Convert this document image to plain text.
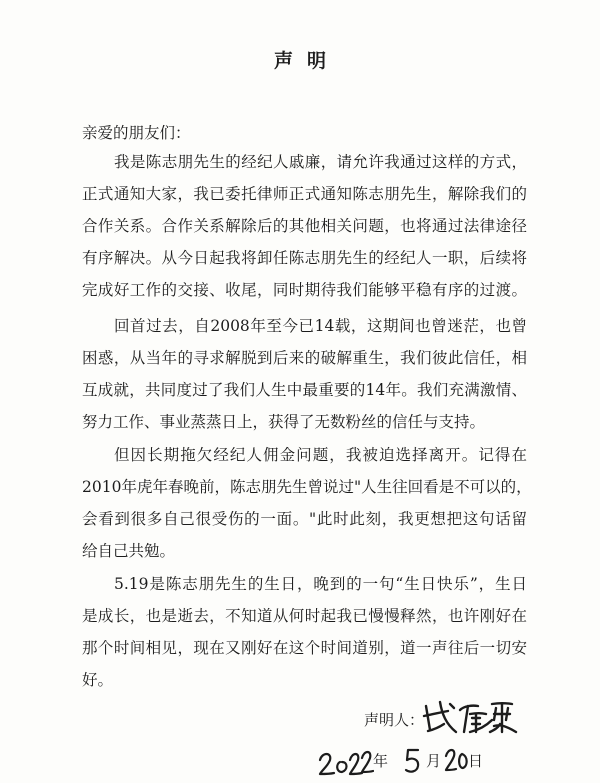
声明
亲爱的朋友们：
我是陈志朋先生的经纪人戚廉，请允许我通过这样的方式，
正式通知大家，我已委托律师正式通知陈志朋先生，解除我们的
合作关系。合作关系解除后的其他相关问题，也将通过法律途径
有序解决。从今日起我将卸任陈志朋先生的经纪人一职，后续将
完成好工作的交接、收尾，同时期待我们能够平稳有序的过渡。
回首过去，自2008年至今已14载，这期间也曾迷茫，也曾
困惑，从当年的寻求解脱到后来的破解重生，我们彼此信任，相
互成就，共同度过了我们人生中最重要的14年。我们充满激情、
努力工作、事业蒸蒸日上，获得了无数粉丝的信任与支持。
但因长期拖欠经纪人佣金问题，我被迫选择离开。记得在
2010年虎年春晚前，陈志朋先生曾说过"人生往回看是不可以的，
会看到很多自己很受伤的一面。"此时此刻，我更想把这句话留
给自己共勉。
5.19是陈志朋先生的生日，晚到的一句“生日快乐”，生日
是成长，也是逝去，不知道从何时起我已慢慢释然，也许刚好在
那个时间相见，现在又刚好在这个时间道别，道一声往后一切安
好。
声明人：
年	月 日
